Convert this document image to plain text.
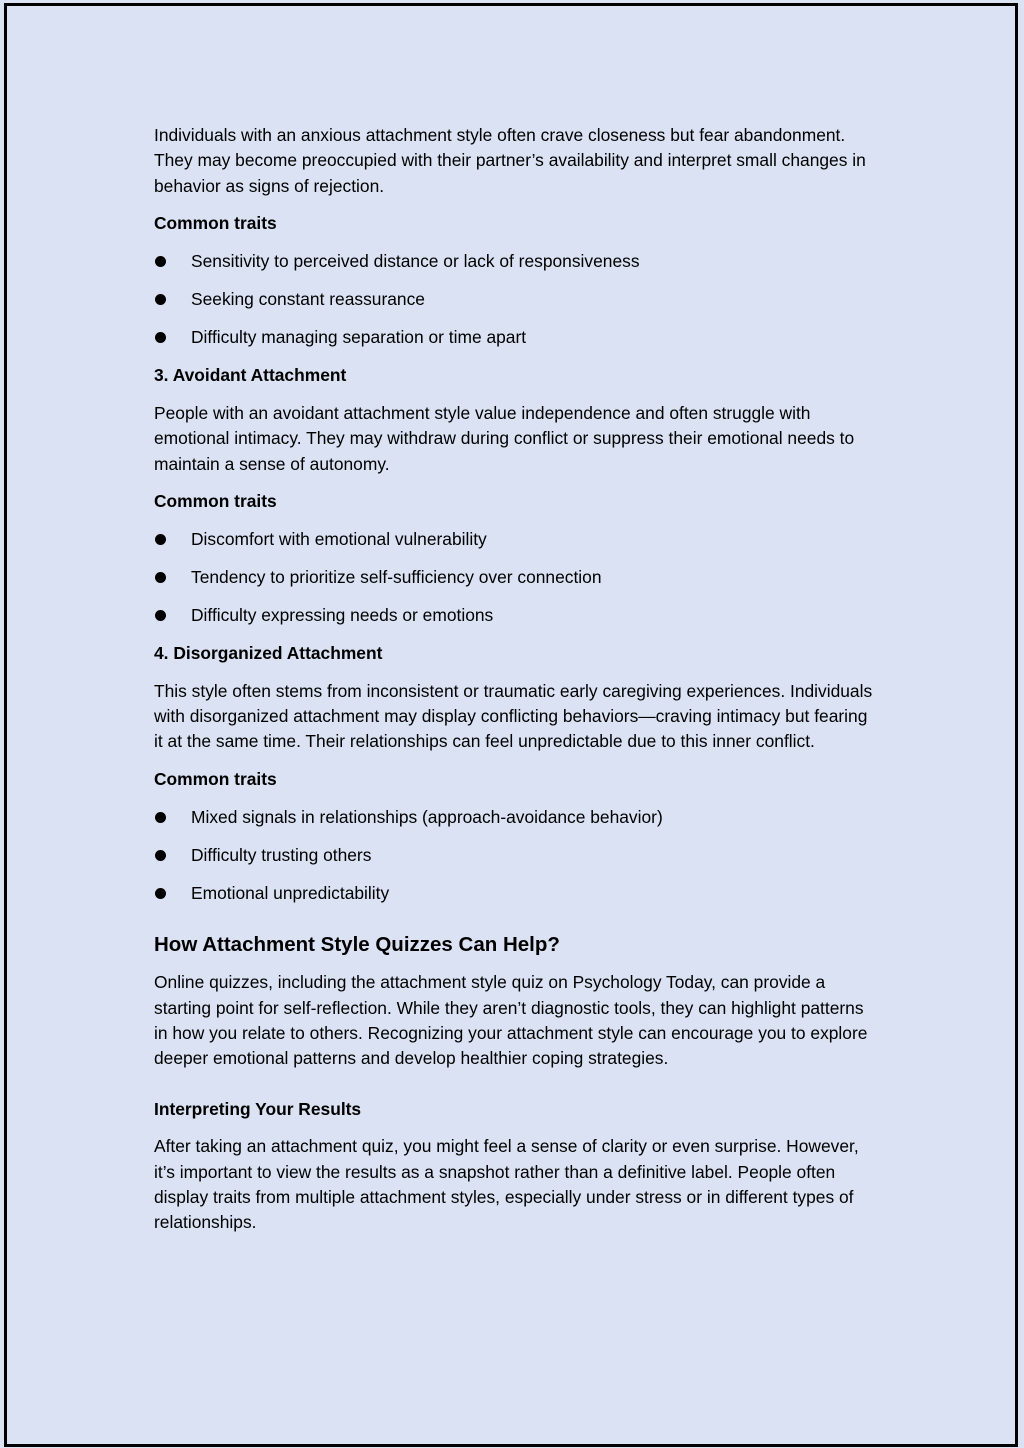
Individuals with an anxious attachment style often crave closeness but fear abandonment. They may become preoccupied with their partner’s availability and interpret small changes in behavior as signs of rejection.

Common traits

Sensitivity to perceived distance or lack of responsiveness
Seeking constant reassurance
Difficulty managing separation or time apart

3. Avoidant Attachment

People with an avoidant attachment style value independence and often struggle with emotional intimacy. They may withdraw during conflict or suppress their emotional needs to maintain a sense of autonomy.

Common traits

Discomfort with emotional vulnerability
Tendency to prioritize self-sufficiency over connection
Difficulty expressing needs or emotions

4. Disorganized Attachment

This style often stems from inconsistent or traumatic early caregiving experiences. Individuals with disorganized attachment may display conflicting behaviors—craving intimacy but fearing it at the same time. Their relationships can feel unpredictable due to this inner conflict.

Common traits

Mixed signals in relationships (approach-avoidance behavior)
Difficulty trusting others
Emotional unpredictability

How Attachment Style Quizzes Can Help?

Online quizzes, including the attachment style quiz on Psychology Today, can provide a starting point for self-reflection. While they aren’t diagnostic tools, they can highlight patterns in how you relate to others. Recognizing your attachment style can encourage you to explore deeper emotional patterns and develop healthier coping strategies.

Interpreting Your Results

After taking an attachment quiz, you might feel a sense of clarity or even surprise. However, it’s important to view the results as a snapshot rather than a definitive label. People often display traits from multiple attachment styles, especially under stress or in different types of relationships.
